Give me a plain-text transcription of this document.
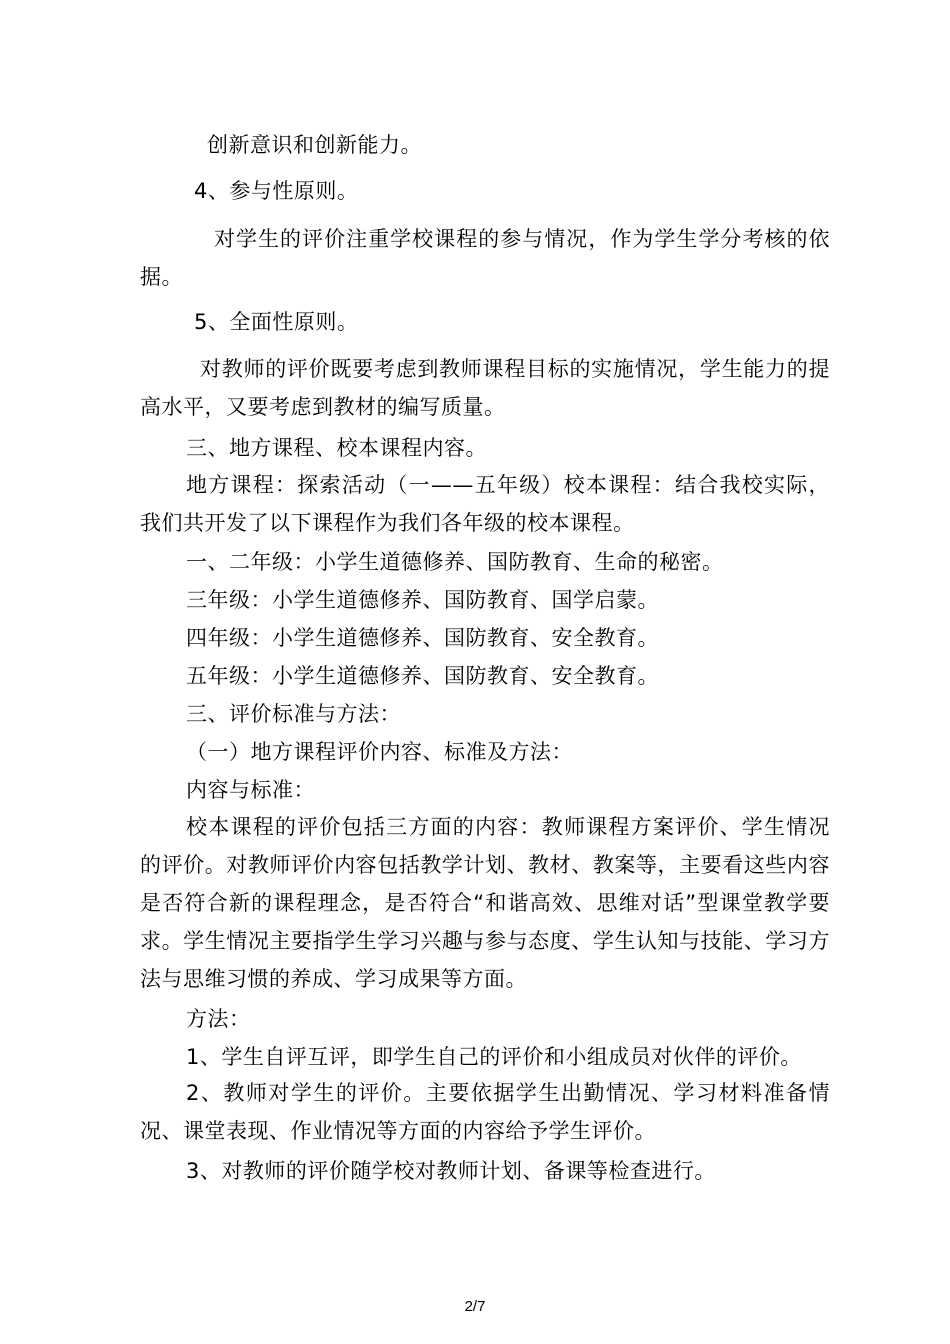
创新意识和创新能力。
4、参与性原则。
对学生的评价注重学校课程的参与情况，作为学生学分考核的依据。
5、全面性原则。
对教师的评价既要考虑到教师课程目标的实施情况，学生能力的提高水平，又要考虑到教材的编写质量。
三、地方课程、校本课程内容。
地方课程：探索活动（一——五年级）校本课程：结合我校实际，我们共开发了以下课程作为我们各年级的校本课程。
一、二年级：小学生道德修养、国防教育、生命的秘密。
三年级：小学生道德修养、国防教育、国学启蒙。
四年级：小学生道德修养、国防教育、安全教育。
五年级：小学生道德修养、国防教育、安全教育。
三、评价标准与方法：
（一）地方课程评价内容、标准及方法：
内容与标准：
校本课程的评价包括三方面的内容：教师课程方案评价、学生情况的评价。对教师评价内容包括教学计划、教材、教案等，主要看这些内容是否符合新的课程理念，是否符合“和谐高效、思维对话”型课堂教学要求。学生情况主要指学生学习兴趣与参与态度、学生认知与技能、学习方法与思维习惯的养成、学习成果等方面。
方法：
1、学生自评互评，即学生自己的评价和小组成员对伙伴的评价。
2、教师对学生的评价。主要依据学生出勤情况、学习材料准备情况、课堂表现、作业情况等方面的内容给予学生评价。
3、对教师的评价随学校对教师计划、备课等检查进行。
2/7
